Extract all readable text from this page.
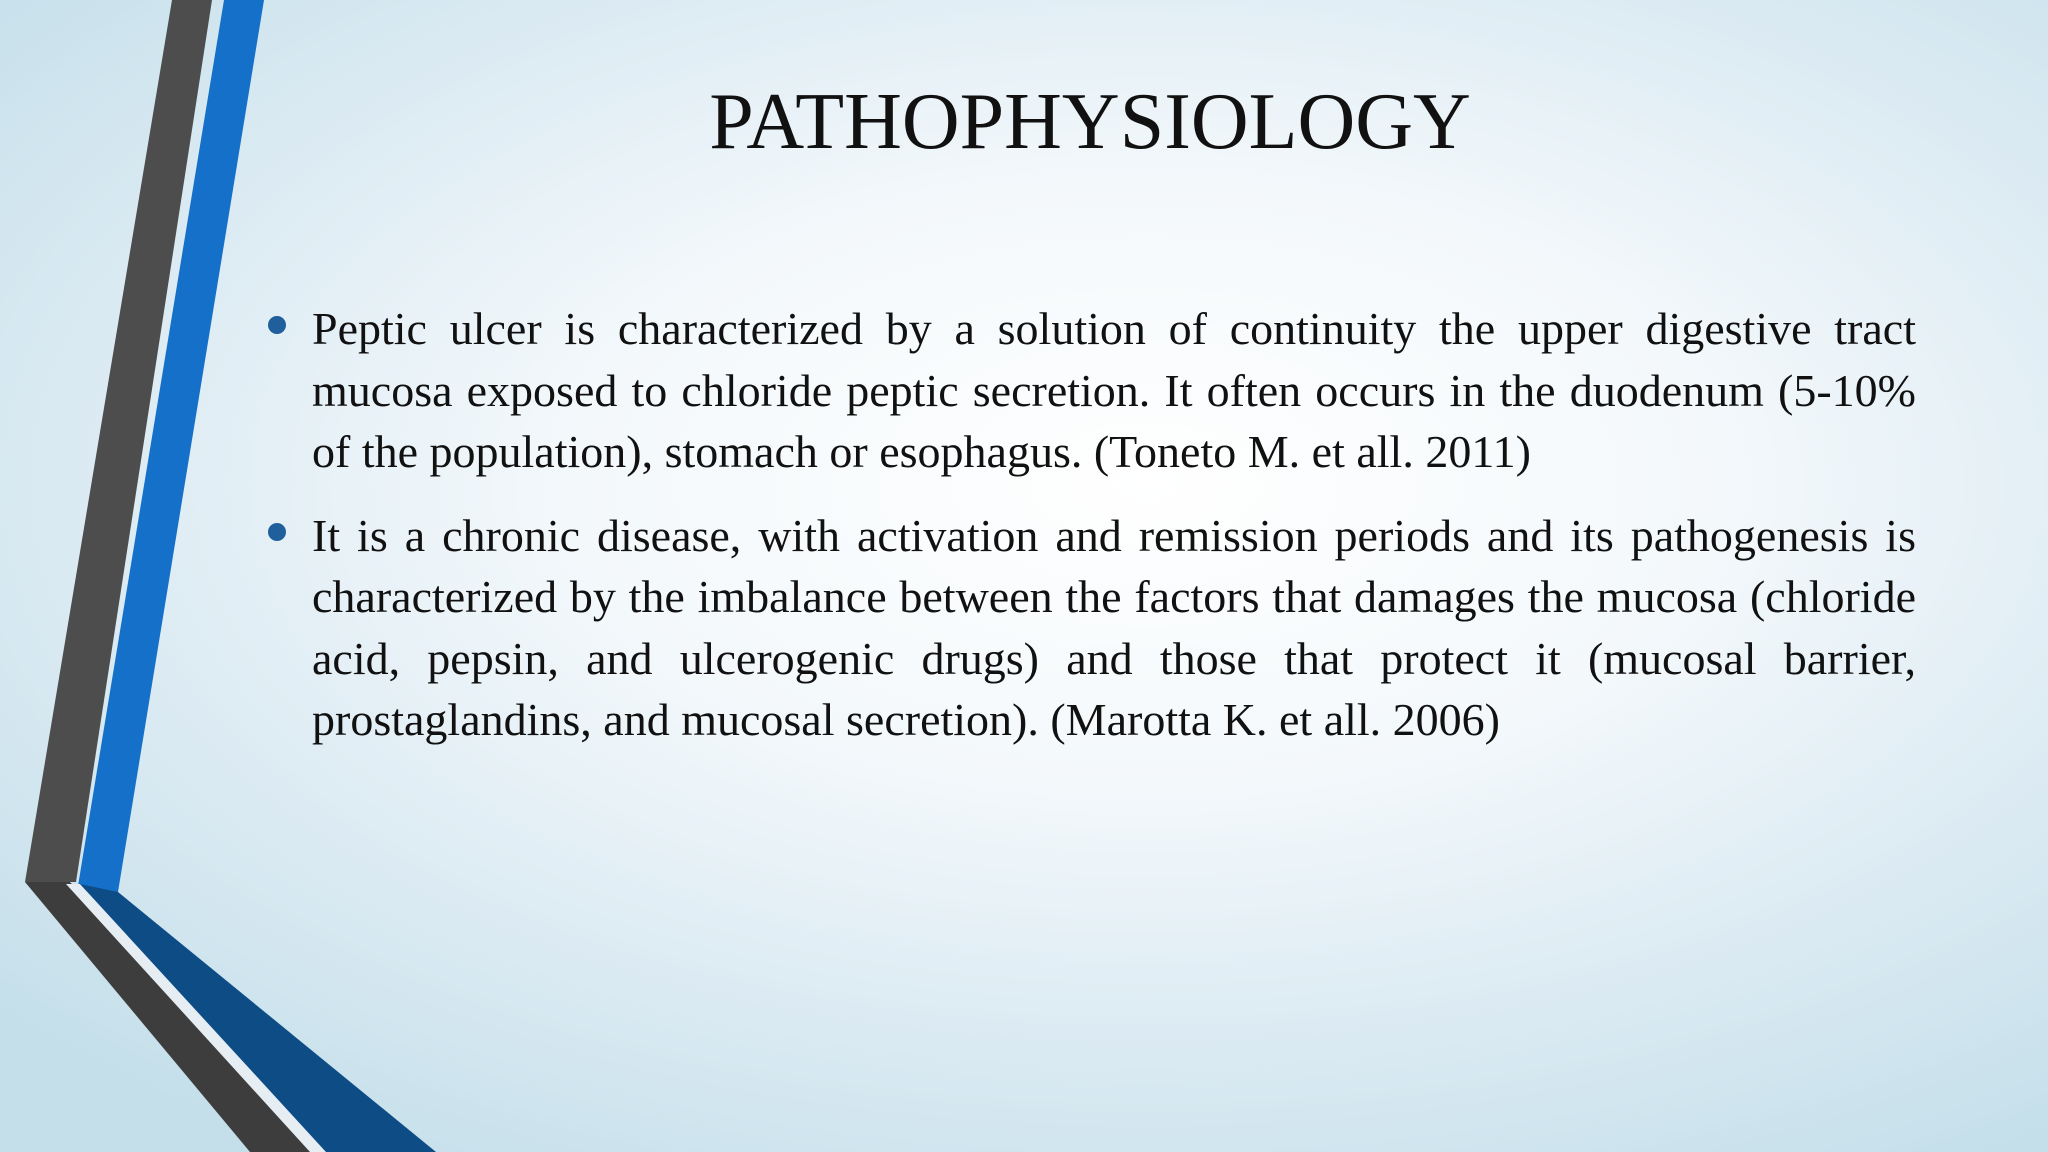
PATHOPHYSIOLOGY
Peptic ulcer is characterized by a solution of continuity the upper digestive tract mucosa exposed to chloride peptic secretion. It often occurs in the duodenum (5-10% of the population), stomach or esophagus. (Toneto M. et all. 2011)
It is a chronic disease, with activation and remission periods and its pathogenesis is characterized by the imbalance between the factors that damages the mucosa (chloride acid, pepsin, and ulcerogenic drugs) and those that protect it (mucosal barrier, prostaglandins, and mucosal secretion). (Marotta K. et all. 2006)
